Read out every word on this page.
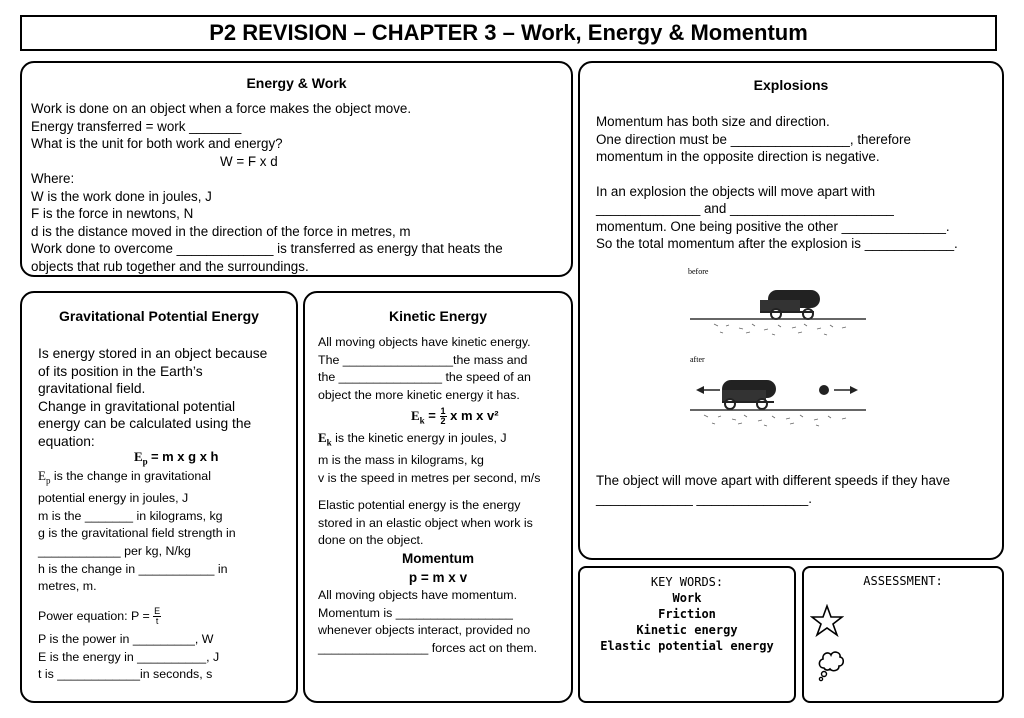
P2 REVISION – CHAPTER 3 – Work, Energy & Momentum
Energy & Work
Work is done on an object when a force makes the object move.
Energy transferred = work _______
What is the unit for both work and energy?
W = F x d
Where:
W is the work done in joules, J
F is the force in newtons, N
d is the distance moved in the direction of the force in metres, m
Work done to overcome _____________ is transferred as energy that heats the
objects that rub together and the surroundings.
Explosions
Momentum has both size and direction.
One direction must be ________________, therefore
momentum in the opposite direction is negative.
In an explosion the objects will move apart with
______________ and ______________________
momentum. One being positive the other ______________.
So the total momentum after the explosion is ____________.
before
after
The object will move apart with different speeds if they have
_____________ _______________.
Gravitational Potential Energy
Is energy stored in an object because
of its position in the Earth’s
gravitational field.
Change in gravitational potential
energy can be calculated using the
equation:
$E_p = m$ x g x h
$E_p$ is the change in gravitational
potential energy in joules, J
m is the _______ in kilograms, kg
g is the gravitational field strength in
____________ per kg, N/kg
h is the change in ___________ in
metres, m.
Power equation: $P = \frac{E}{t}$
P is the power in _________, W
E is the energy in __________, J
t is ____________in seconds, s
Kinetic Energy
All moving objects have kinetic energy.
The ________________the mass and
the _______________ the speed of an
object the more kinetic energy it has.
$E_k = \frac{1}{2}$ x m x v²
$E_k$ is the kinetic energy in joules, J
m is the mass in kilograms, kg
v is the speed in metres per second, m/s
Elastic potential energy is the energy
stored in an elastic object when work is
done on the object.
Momentum
p = m x v
All moving objects have momentum.
Momentum is _________________
whenever objects interact, provided no
________________ forces act on them.
KEY WORDS:
Work
Friction
Kinetic energy
Elastic potential energy
ASSESSMENT:
